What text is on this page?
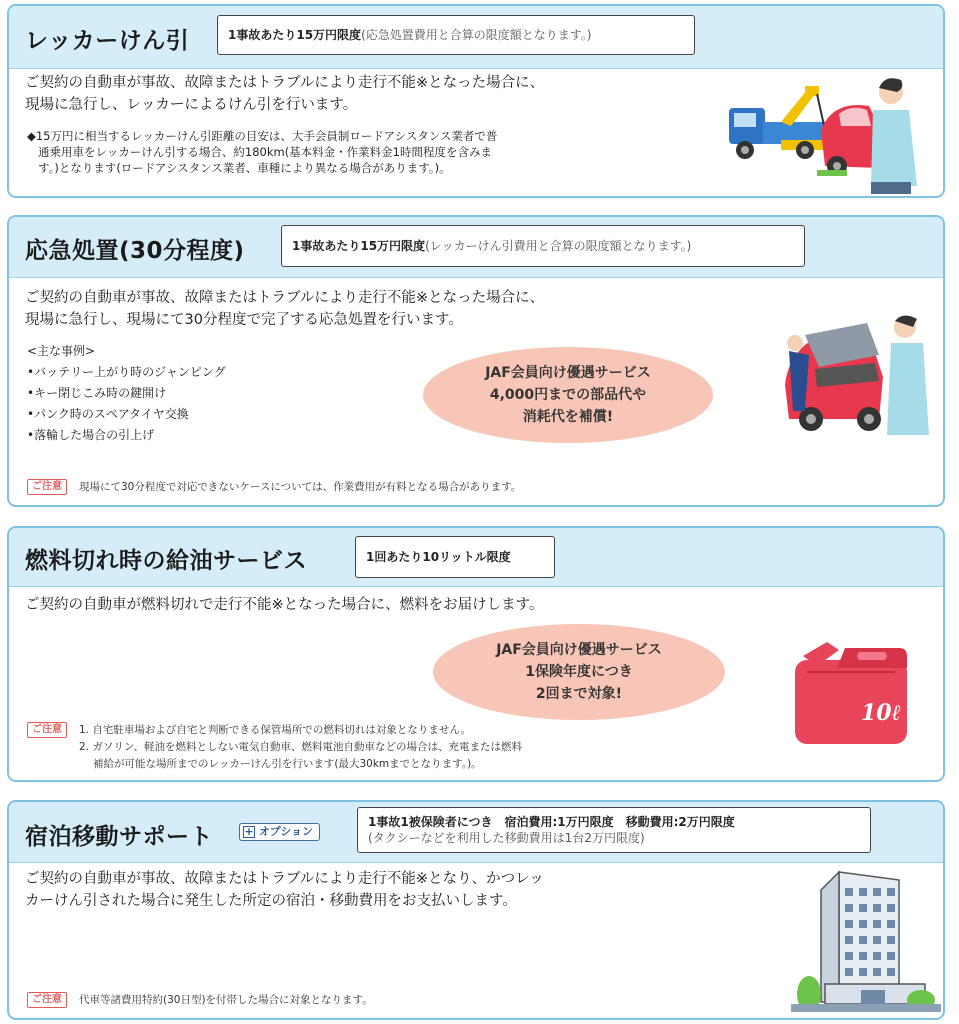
レッカーけん引	1事故あたり15万円限度(応急処置費用と合算の限度額となります。)
ご契約の自動車が事故、故障またはトラブルにより走行不能※となった場合に、
現場に急行し、レッカーによるけん引を行います。
◆15万円に相当するレッカーけん引距離の目安は、大手会員制ロードアシスタンス業者で普
通乗用車をレッカーけん引する場合、約180km(基本料金・作業料金1時間程度を含みま
す。)となります(ロードアシスタンス業者、車種により異なる場合があります。)。
応急処置(30分程度)	1事故あたり15万円限度(レッカーけん引費用と合算の限度額となります。)
ご契約の自動車が事故、故障またはトラブルにより走行不能※となった場合に、
現場に急行し、現場にて30分程度で完了する応急処置を行います。
<主な事例>
•バッテリー上がり時のジャンピング
•キー閉じこみ時の鍵開け
•パンク時のスペアタイヤ交換
•落輪した場合の引上げ
JAF会員向け優遇サービス
4,000円までの部品代や
消耗代を補償!
ご注意	現場にて30分程度で対応できないケースについては、作業費用が有料となる場合があります。
燃料切れ時の給油サービス	1回あたり10リットル限度
ご契約の自動車が燃料切れで走行不能※となった場合に、燃料をお届けします。
JAF会員向け優遇サービス
1保険年度につき
2回まで対象!
ご注意	1. 自宅駐車場および自宅と判断できる保管場所での燃料切れは対象となりません。
2. ガソリン、軽油を燃料としない電気自動車、燃料電池自動車などの場合は、充電または燃料
補給が可能な場所までのレッカーけん引を行います(最大30kmまでとなります。)。
10ℓ
宿泊移動サポート	+ オプション
1事故1被保険者につき　宿泊費用:1万円限度　移動費用:2万円限度
(タクシーなどを利用した移動費用は1台2万円限度)
ご契約の自動車が事故、故障またはトラブルにより走行不能※となり、かつレッ
カーけん引された場合に発生した所定の宿泊・移動費用をお支払いします。
ご注意	代車等諸費用特約(30日型)を付帯した場合に対象となります。
